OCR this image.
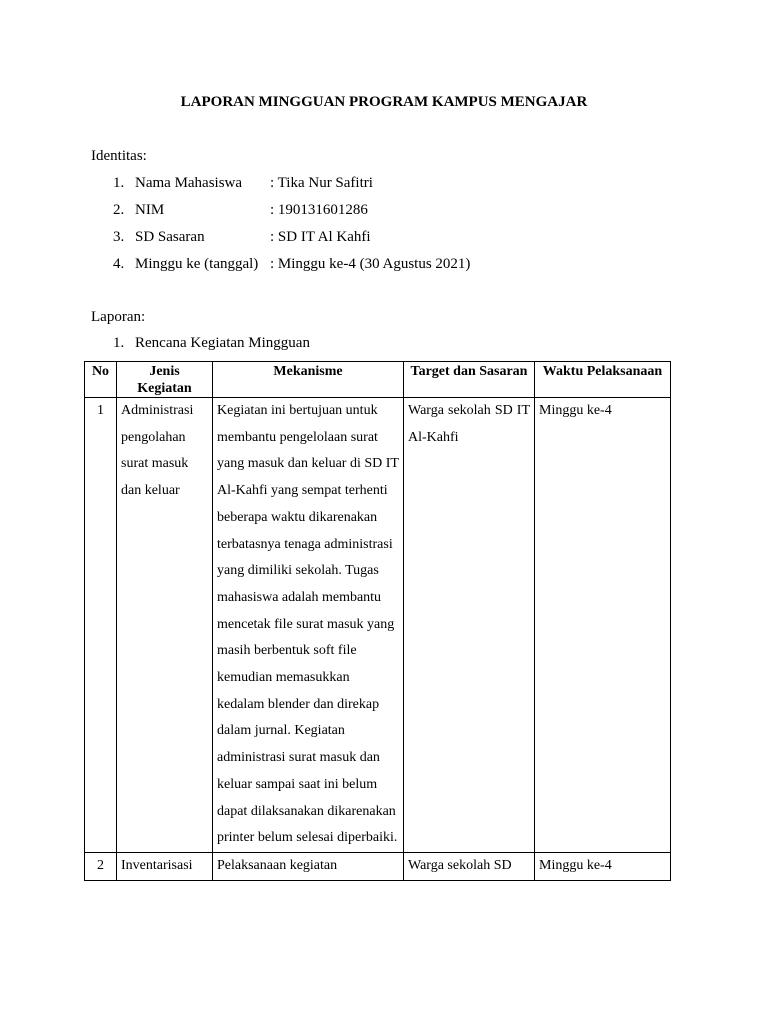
LAPORAN MINGGUAN PROGRAM KAMPUS MENGAJAR
Identitas:
1. Nama Mahasiswa : Tika Nur Safitri
2. NIM	: 190131601286
3. SD Sasaran	: SD IT Al Kahfi
4. Minggu ke (tanggal) : Minggu ke-4 (30 Agustus 2021)
Laporan:
1. Rencana Kegiatan Mingguan
No	Jenis Kegiatan	Mekanisme	Target dan Sasaran	Waktu Pelaksanaan
1	Administrasi pengolahan surat masuk dan keluar	Kegiatan ini bertujuan untuk membantu pengelolaan surat yang masuk dan keluar di SD IT Al-Kahfi yang sempat terhenti beberapa waktu dikarenakan terbatasnya tenaga administrasi yang dimiliki sekolah. Tugas mahasiswa adalah membantu mencetak file surat masuk yang masih berbentuk soft file kemudian memasukkan kedalam blender dan direkap dalam jurnal. Kegiatan administrasi surat masuk dan keluar sampai saat ini belum dapat dilaksanakan dikarenakan printer belum selesai diperbaiki.	Warga sekolah SD IT Al-Kahfi	Minggu ke-4
2	Inventarisasi	Pelaksanaan kegiatan	Warga sekolah SD	Minggu ke-4
